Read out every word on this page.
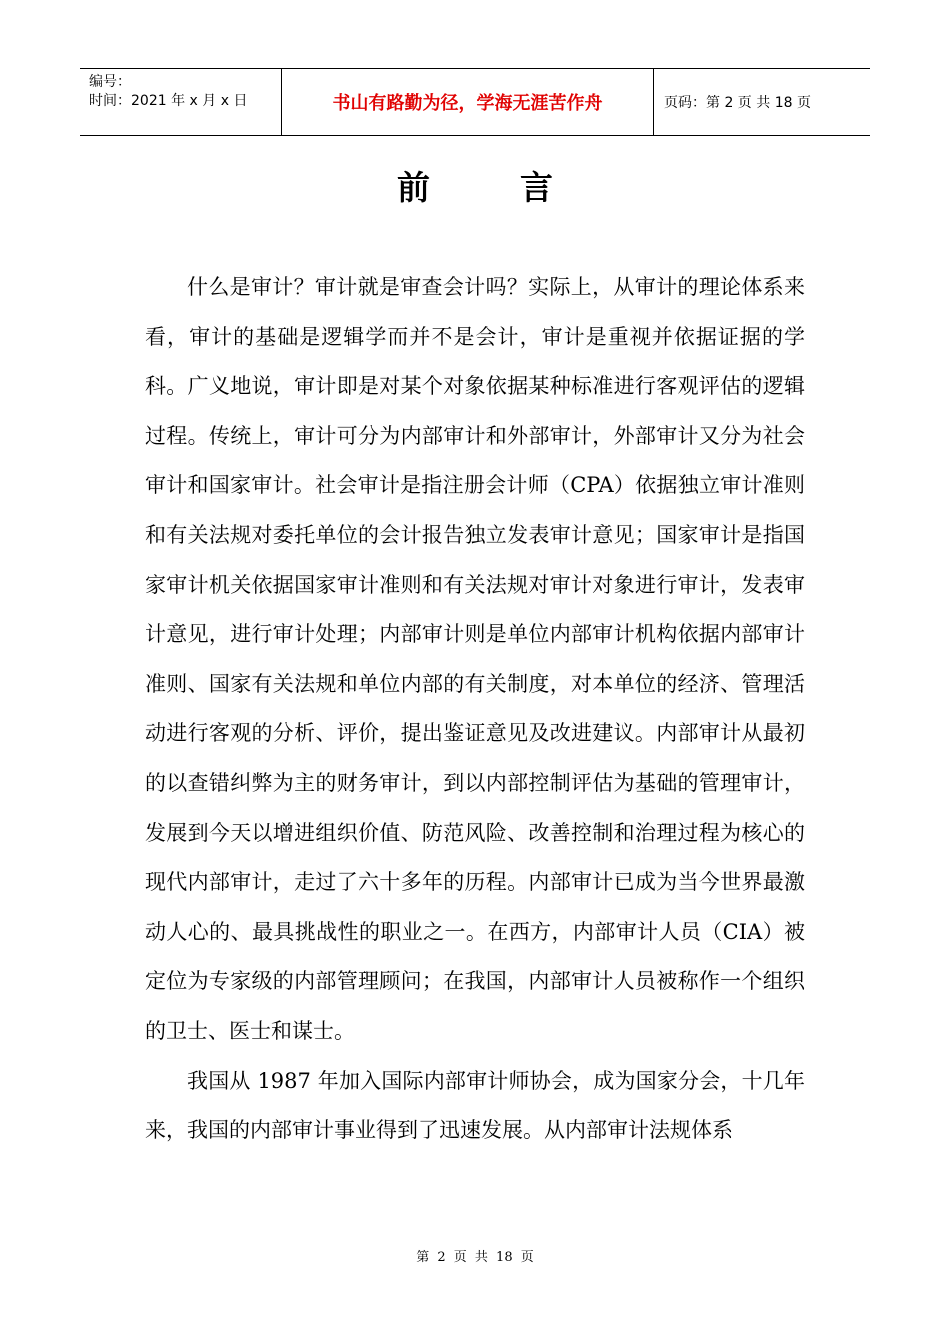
编号：
时间：2021 年 x 月 x 日	书山有路勤为径，学海无涯苦作舟	页码：第 2 页 共 18 页
前言

什么是审计？审计就是审查会计吗？实际上，从审计的理论体系来看，审计的基础是逻辑学而并不是会计，审计是重视并依据证据的学科。广义地说，审计即是对某个对象依据某种标准进行客观评估的逻辑过程。传统上，审计可分为内部审计和外部审计，外部审计又分为社会审计和国家审计。社会审计是指注册会计师（CPA）依据独立审计准则和有关法规对委托单位的会计报告独立发表审计意见；国家审计是指国家审计机关依据国家审计准则和有关法规对审计对象进行审计，发表审计意见，进行审计处理；内部审计则是单位内部审计机构依据内部审计准则、国家有关法规和单位内部的有关制度，对本单位的经济、管理活动进行客观的分析、评价，提出鉴证意见及改进建议。内部审计从最初的以查错纠弊为主的财务审计，到以内部控制评估为基础的管理审计，发展到今天以增进组织价值、防范风险、改善控制和治理过程为核心的现代内部审计，走过了六十多年的历程。内部审计已成为当今世界最激动人心的、最具挑战性的职业之一。在西方，内部审计人员（CIA）被定位为专家级的内部管理顾问；在我国，内部审计人员被称作一个组织的卫士、医士和谋士。

我国从 1987 年加入国际内部审计师协会，成为国家分会，十几年来，我国的内部审计事业得到了迅速发展。从内部审计法规体系

第 2 页 共 18 页
